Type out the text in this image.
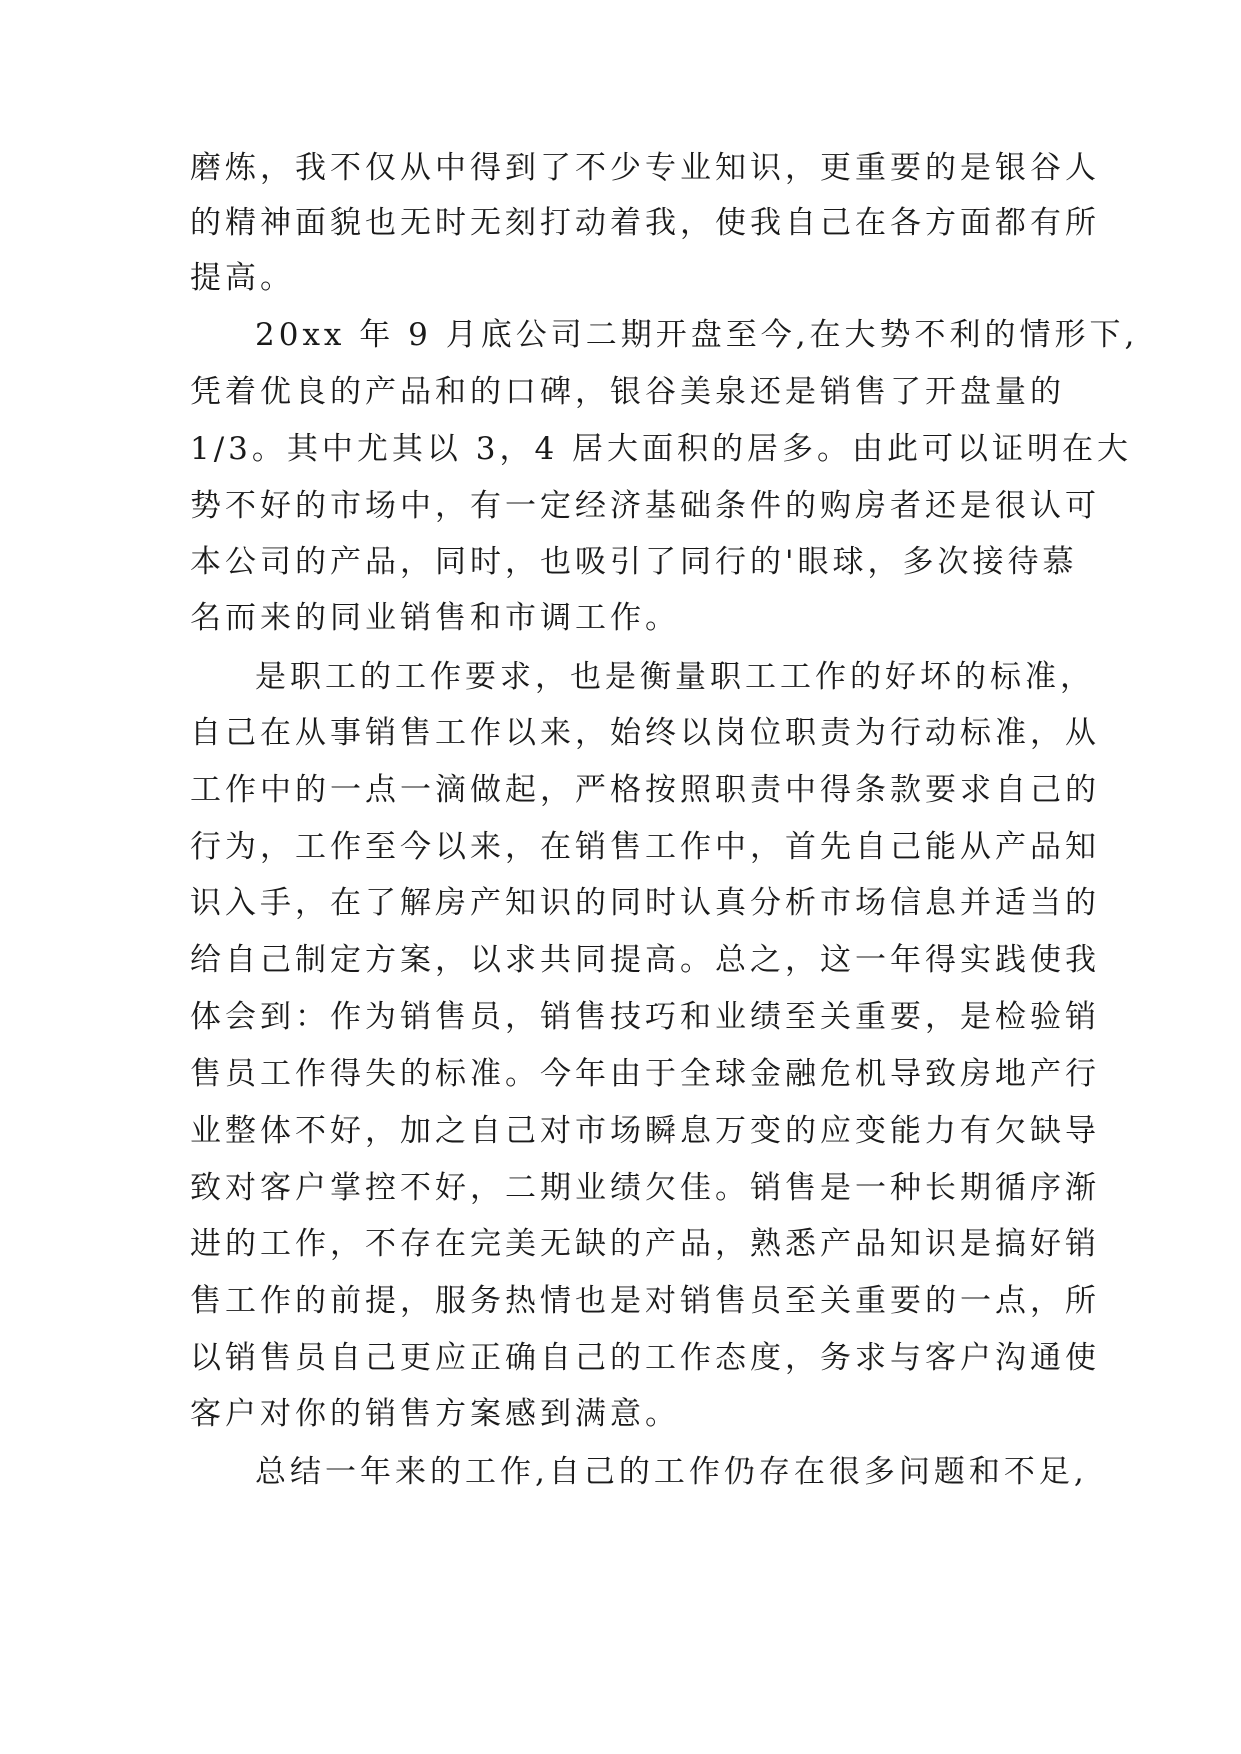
磨炼，我不仅从中得到了不少专业知识，更重要的是银谷人
的精神面貌也无时无刻打动着我，使我自己在各方面都有所
提高。
20xx 年 9 月底公司二期开盘至今,在大势不利的情形下,
凭着优良的产品和的口碑，银谷美泉还是销售了开盘量的
1/3。其中尤其以 3，4 居大面积的居多。由此可以证明在大
势不好的市场中，有一定经济基础条件的购房者还是很认可
本公司的产品，同时，也吸引了同行的'眼球，多次接待慕
名而来的同业销售和市调工作。
是职工的工作要求，也是衡量职工工作的好坏的标准，
自己在从事销售工作以来，始终以岗位职责为行动标准，从
工作中的一点一滴做起，严格按照职责中得条款要求自己的
行为，工作至今以来，在销售工作中，首先自己能从产品知
识入手，在了解房产知识的同时认真分析市场信息并适当的
给自己制定方案，以求共同提高。总之，这一年得实践使我
体会到：作为销售员，销售技巧和业绩至关重要，是检验销
售员工作得失的标准。今年由于全球金融危机导致房地产行
业整体不好，加之自己对市场瞬息万变的应变能力有欠缺导
致对客户掌控不好，二期业绩欠佳。销售是一种长期循序渐
进的工作，不存在完美无缺的产品，熟悉产品知识是搞好销
售工作的前提，服务热情也是对销售员至关重要的一点，所
以销售员自己更应正确自己的工作态度，务求与客户沟通使
客户对你的销售方案感到满意。
总结一年来的工作,自己的工作仍存在很多问题和不足,
